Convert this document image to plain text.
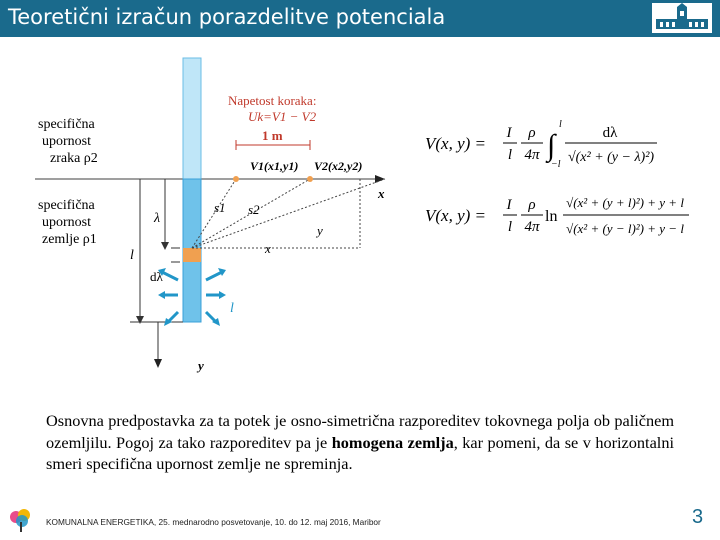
Teoretični izračun porazdelitve potenciala
specifična
upornost
zraka ρ2
specifična
upornost
zemlje ρ1
Napetost koraka:
Uk=V1 − V2
1 m
V1(x1,y1) V2(x2,y2)
x
s1 s2
λ
y
x
l
dλ
l
y
V(x, y) =
I
l
ρ
4π ∫
l
−l
dλ
√(x² + (y − λ)²)
V(x, y) =
I
l
ρ
4π
ln
√(x² + (y + l)²) + y + l
√(x² + (y − l)²) + y − l
Osnovna predpostavka za ta potek je osno-simetrična razporeditev tokovnega polja ob paličnem ozemljilu. Pogoj za tako razporeditev pa je homogena zemlja, kar pomeni, da se v horizontalni smeri specifična upornost zemlje ne spreminja.
KOMUNALNA ENERGETIKA, 25. mednarodno posvetovanje, 10. do 12. maj 2016, Maribor	3
